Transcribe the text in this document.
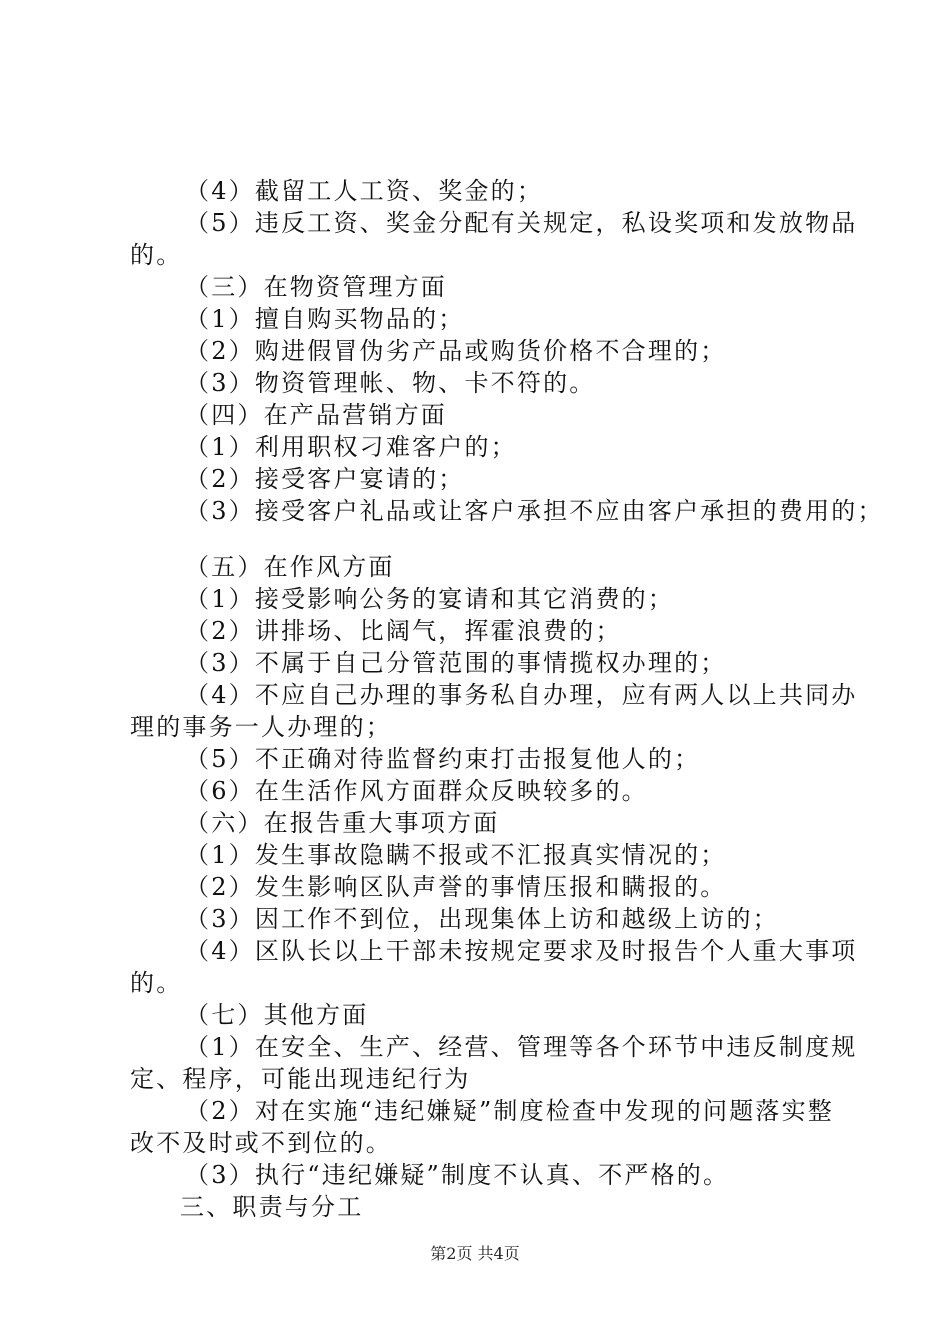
（4）截留工人工资、奖金的；
（5）违反工资、奖金分配有关规定，私设奖项和发放物品
的。
（三）在物资管理方面
（1）擅自购买物品的；
（2）购进假冒伪劣产品或购货价格不合理的；
（3）物资管理帐、物、卡不符的。
（四）在产品营销方面
（1）利用职权刁难客户的；
（2）接受客户宴请的；
（3）接受客户礼品或让客户承担不应由客户承担的费用的；
（五）在作风方面
（1）接受影响公务的宴请和其它消费的；
（2）讲排场、比阔气，挥霍浪费的；
（3）不属于自己分管范围的事情揽权办理的；
（4）不应自己办理的事务私自办理，应有两人以上共同办
理的事务一人办理的；
（5）不正确对待监督约束打击报复他人的；
（6）在生活作风方面群众反映较多的。
（六）在报告重大事项方面
（1）发生事故隐瞒不报或不汇报真实情况的；
（2）发生影响区队声誉的事情压报和瞒报的。
（3）因工作不到位，出现集体上访和越级上访的；
（4）区队长以上干部未按规定要求及时报告个人重大事项
的。
（七）其他方面
（1）在安全、生产、经营、管理等各个环节中违反制度规
定、程序，可能出现违纪行为
（2）对在实施“违纪嫌疑”制度检查中发现的问题落实整
改不及时或不到位的。
（3）执行“违纪嫌疑”制度不认真、不严格的。
三、职责与分工
第2页 共4页
